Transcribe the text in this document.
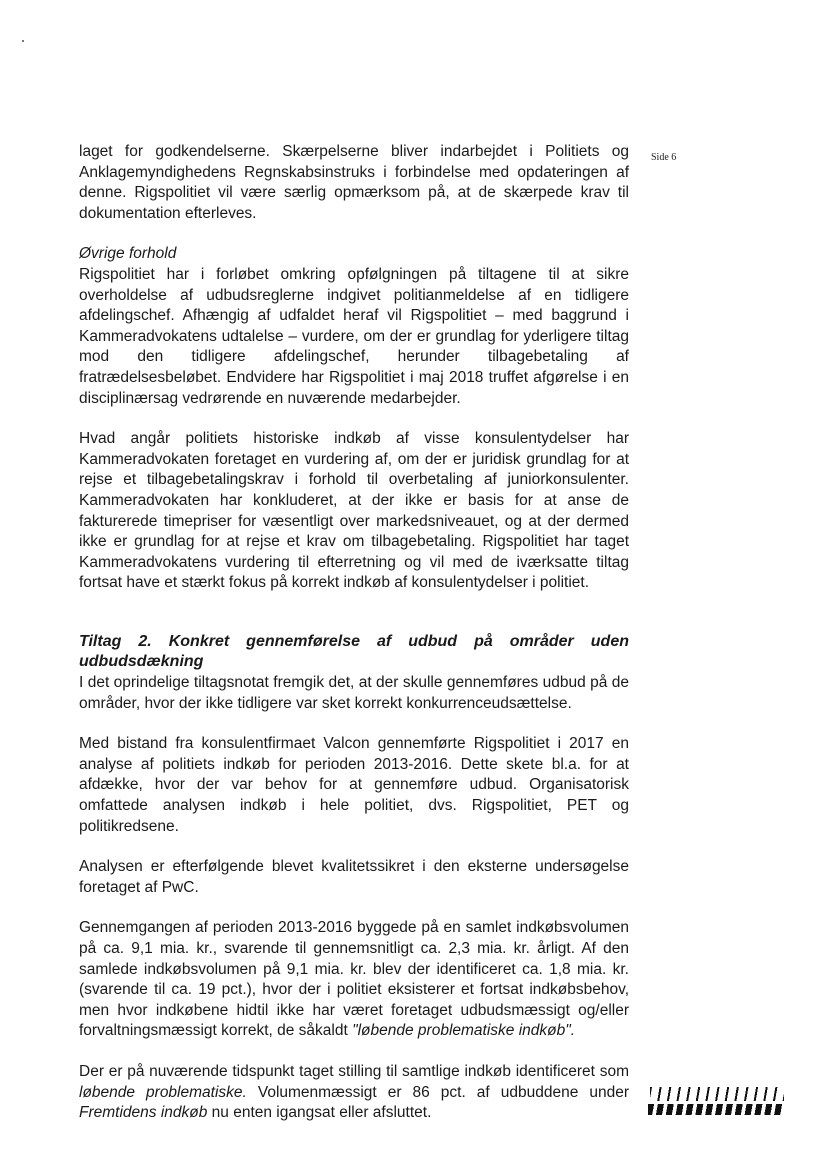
Side 6

laget for godkendelserne. Skærpelserne bliver indarbejdet i Politiets og Anklagemyndighedens Regnskabsinstruks i forbindelse med opdateringen af denne. Rigspolitiet vil være særlig opmærksom på, at de skærpede krav til dokumentation efterleves.

Øvrige forhold

Rigspolitiet har i forløbet omkring opfølgningen på tiltagene til at sikre overholdelse af udbudsreglerne indgivet politianmeldelse af en tidligere afdelingschef. Afhængig af udfaldet heraf vil Rigspolitiet – med baggrund i Kammeradvokatens udtalelse – vurdere, om der er grundlag for yderligere tiltag mod den tidligere afdelingschef, herunder tilbagebetaling af fratrædelsesbeløbet. Endvidere har Rigspolitiet i maj 2018 truffet afgørelse i en disciplinærsag vedrørende en nuværende medarbejder.

Hvad angår politiets historiske indkøb af visse konsulentydelser har Kammeradvokaten foretaget en vurdering af, om der er juridisk grundlag for at rejse et tilbagebetalingskrav i forhold til overbetaling af juniorkonsulenter. Kammeradvokaten har konkluderet, at der ikke er basis for at anse de fakturerede timepriser for væsentligt over markedsniveauet, og at der dermed ikke er grundlag for at rejse et krav om tilbagebetaling. Rigspolitiet har taget Kammeradvokatens vurdering til efterretning og vil med de iværksatte tiltag fortsat have et stærkt fokus på korrekt indkøb af konsulentydelser i politiet.

Tiltag 2. Konkret gennemførelse af udbud på områder uden udbudsdækning

I det oprindelige tiltagsnotat fremgik det, at der skulle gennemføres udbud på de områder, hvor der ikke tidligere var sket korrekt konkurrenceudsættelse.

Med bistand fra konsulentfirmaet Valcon gennemførte Rigspolitiet i 2017 en analyse af politiets indkøb for perioden 2013-2016. Dette skete bl.a. for at afdække, hvor der var behov for at gennemføre udbud. Organisatorisk omfattede analysen indkøb i hele politiet, dvs. Rigspolitiet, PET og politikredsene.

Analysen er efterfølgende blevet kvalitetssikret i den eksterne undersøgelse foretaget af PwC.

Gennemgangen af perioden 2013-2016 byggede på en samlet indkøbsvolumen på ca. 9,1 mia. kr., svarende til gennemsnitligt ca. 2,3 mia. kr. årligt. Af den samlede indkøbsvolumen på 9,1 mia. kr. blev der identificeret ca. 1,8 mia. kr. (svarende til ca. 19 pct.), hvor der i politiet eksisterer et fortsat indkøbsbehov, men hvor indkøbene hidtil ikke har været foretaget udbudsmæssigt og/eller forvaltningsmæssigt korrekt, de såkaldt "løbende problematiske indkøb".

Der er på nuværende tidspunkt taget stilling til samtlige indkøb identificeret som løbende problematiske. Volumenmæssigt er 86 pct. af udbuddene under Fremtidens indkøb nu enten igangsat eller afsluttet.
